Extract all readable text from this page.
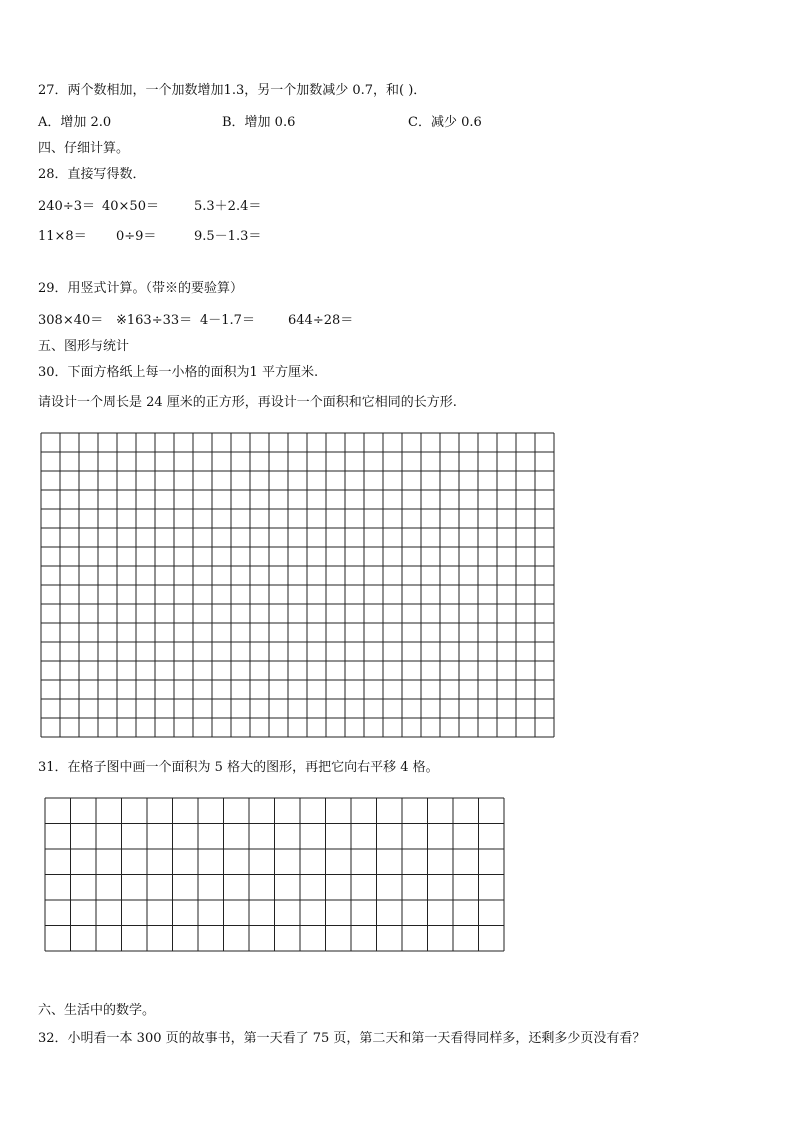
27．两个数相加，一个加数增加1.3，另一个加数减少 0.7，和( )．
A．增加 2.0	B．增加 0.6	C．减少 0.6
四、仔细计算。
28．直接写得数．
240÷3＝ 40×50＝	5.3＋2.4＝
11×8＝ 0÷9＝	9.5－1.3＝
29．用竖式计算。（带※的要验算）
308×40＝ ※163÷33＝ 4－1.7＝	644÷28＝
五、图形与统计
30．下面方格纸上每一小格的面积为1 平方厘米.
请设计一个周长是 24 厘米的正方形，再设计一个面积和它相同的长方形.
31．在格子图中画一个面积为 5 格大的图形，再把它向右平移 4 格。
六、生活中的数学。
32．小明看一本 300 页的故事书，第一天看了 75 页，第二天和第一天看得同样多，还剩多少页没有看？
